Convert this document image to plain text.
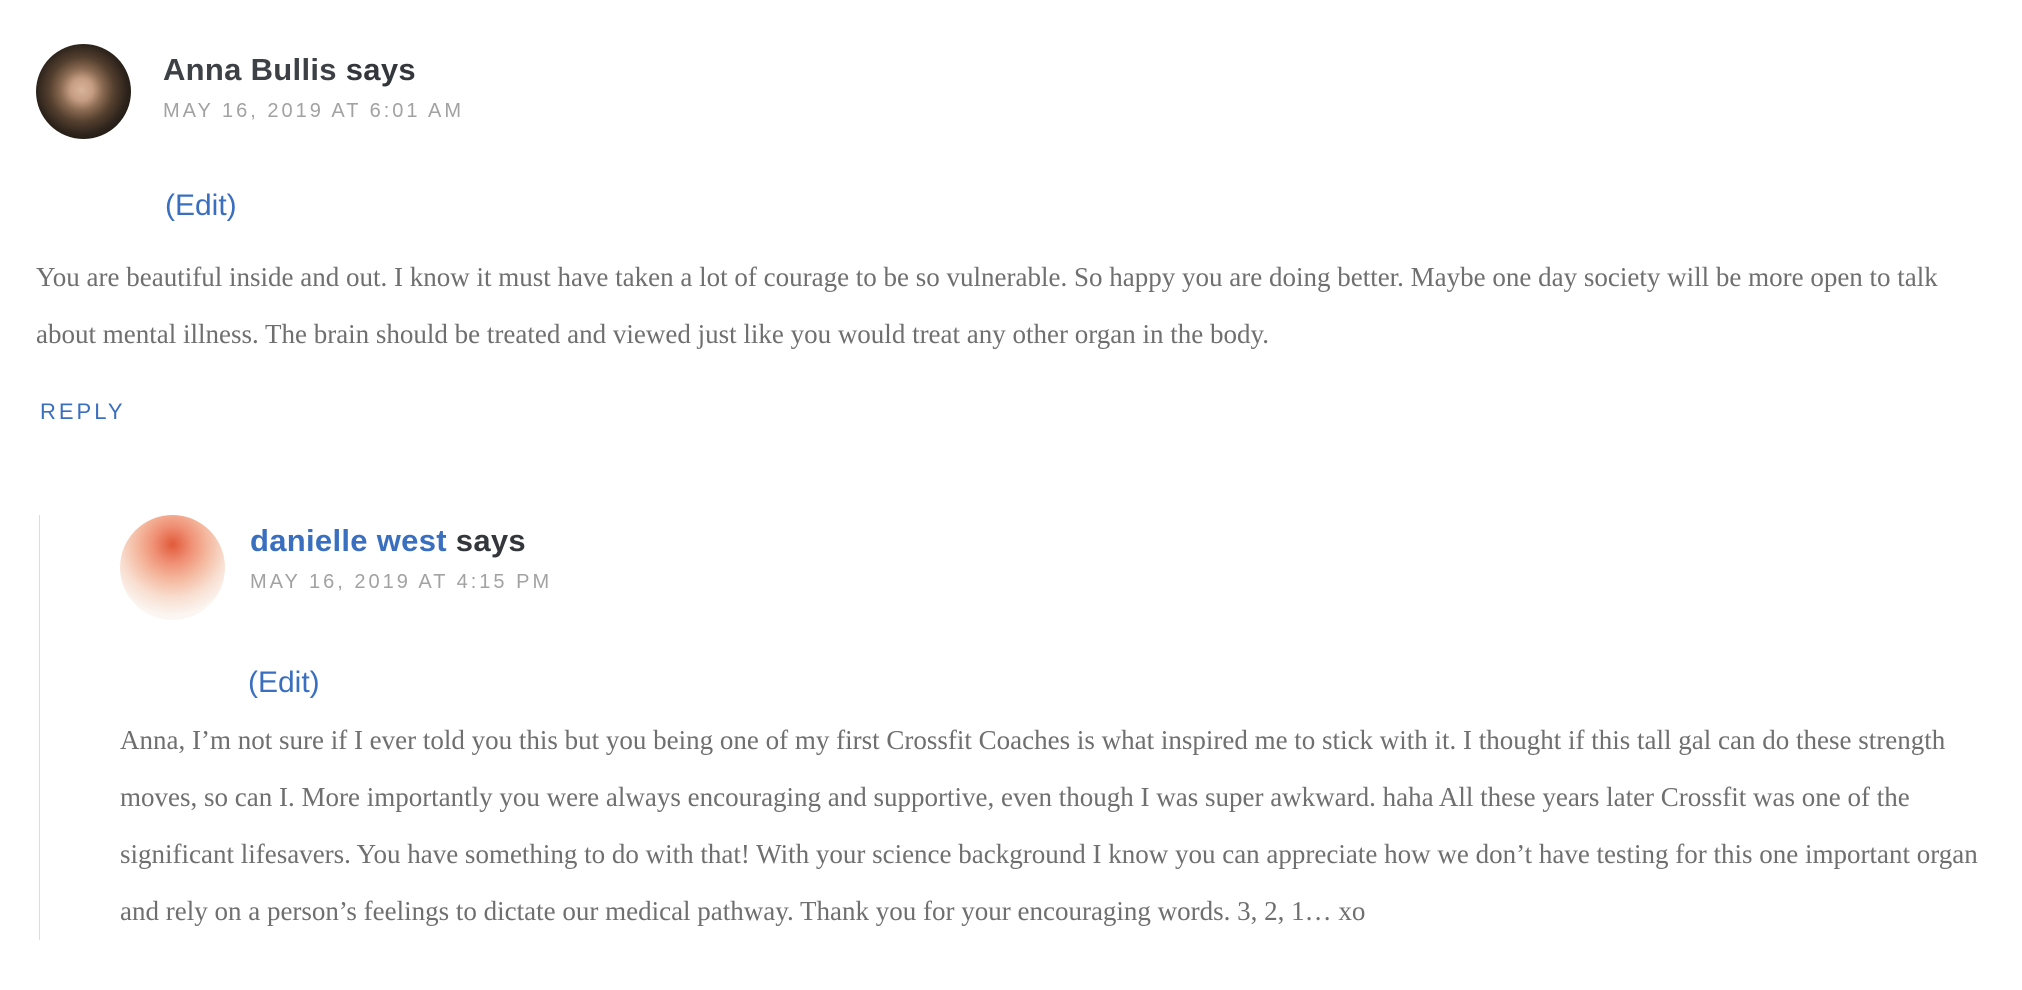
Anna Bullis says

MAY 16, 2019 AT 6:01 AM
(Edit)

You are beautiful inside and out. I know it must have taken a lot of courage to be so vulnerable. So happy you are doing better. Maybe one day society will be more open to talk about mental illness. The brain should be treated and viewed just like you would treat any other organ in the body.

REPLY

danielle west says

MAY 16, 2019 AT 4:15 PM
(Edit)

Anna, I’m not sure if I ever told you this but you being one of my first Crossfit Coaches is what inspired me to stick with it. I thought if this tall gal can do these strength moves, so can I. More importantly you were always encouraging and supportive, even though I was super awkward. haha All these years later Crossfit was one of the significant lifesavers. You have something to do with that! With your science background I know you can appreciate how we don’t have testing for this one important organ and rely on a person’s feelings to dictate our medical pathway. Thank you for your encouraging words. 3, 2, 1… xo
